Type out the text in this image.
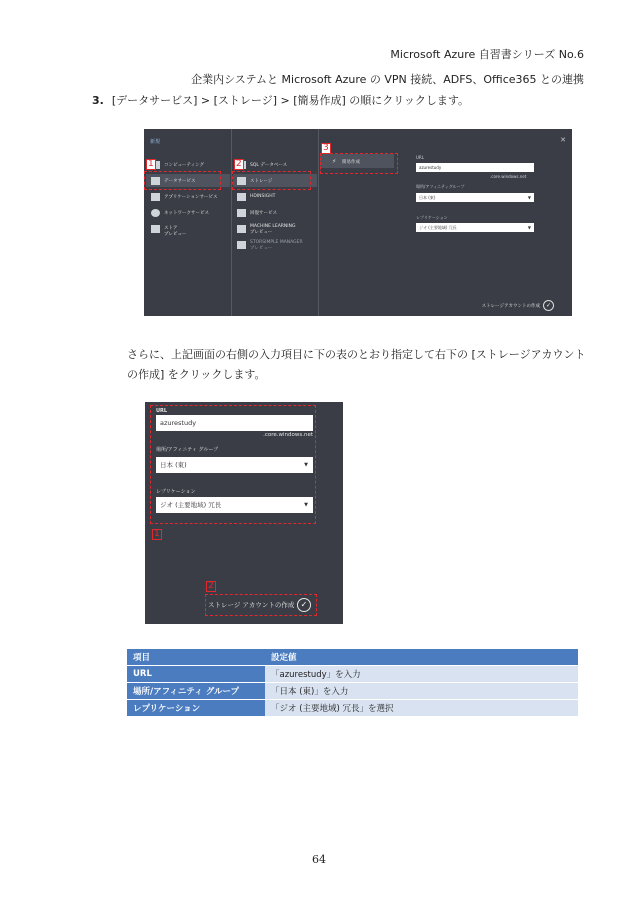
Microsoft Azure 自習書シリーズ No.6
企業内システムと Microsoft Azure の VPN 接続、ADFS、Office365 との連携
3. [データサービス] > [ストレージ] > [簡易作成] の順にクリックします。
新規	✕
コンピューティング
データサービス
アプリケーションサービス
ネットワークサービス
ストア
プレビュー
SQL データベース
ストレージ
HDINSIGHT
回復サービス
MACHINE LEARNING
プレビュー
STORSIMPLE MANAGER
プレビュー
⚡ 簡易作成
URL
azurestudy
.core.windows.net
場所/アフィニティグループ
日本 (東)	▼
レプリケーション
ジオ (主要地域) 冗長	▼
ストレージアカウントの作成 ✓
1	2
3
さらに、上記画面の右側の入力項目に下の表のとおり指定して右下の [ストレージアカウントの作成] をクリックします。
URL
azurestudy
.core.windows.net
場所/アフィニティ グループ
日本 (東)	▼
レプリケーション
ジオ (主要地域) 冗長	▼
ストレージ アカウントの作成 ✓
1
2
項目	設定値
URL	「azurestudy」を入力
場所/アフィニティ グループ	「日本 (東)」を入力
レプリケーション	「ジオ (主要地域) 冗長」を選択
64
